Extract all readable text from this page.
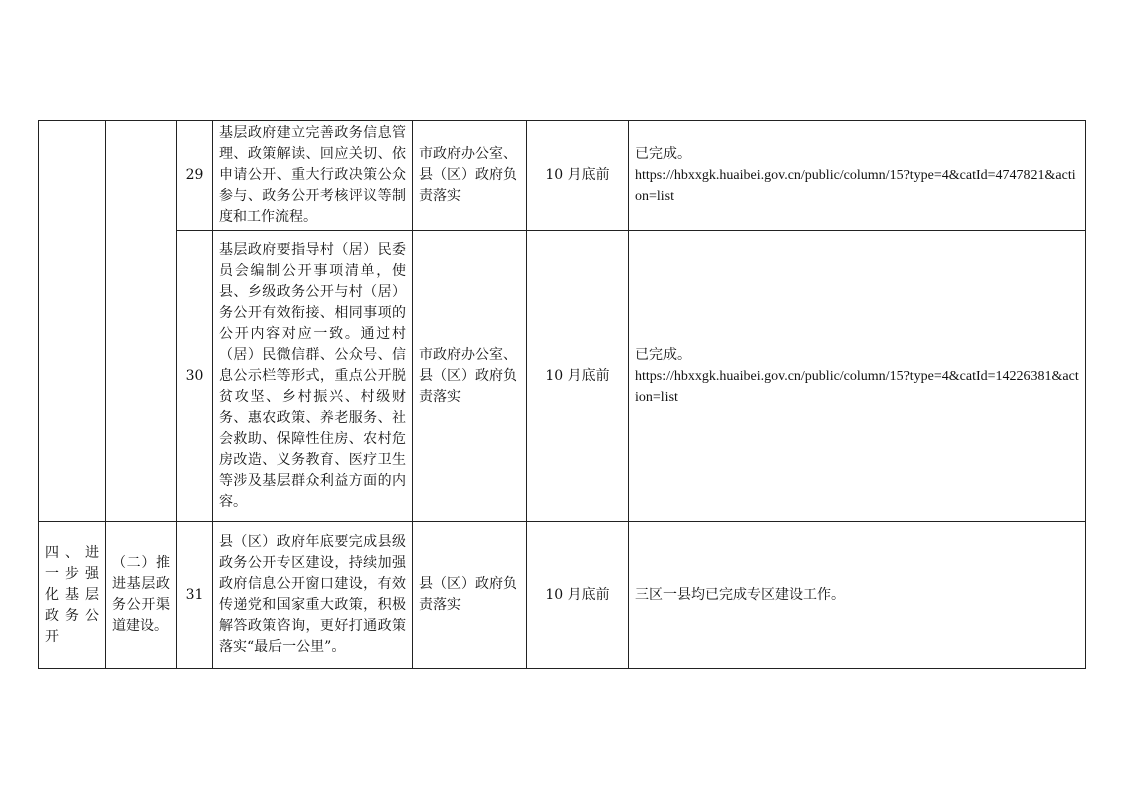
		29	基层政府建立完善政务信息管理、政策解读、回应关切、依申请公开、重大行政决策公众参与、政务公开考核评议等制度和工作流程。	市政府办公室、县（区）政府负责落实	10 月底前	已完成。
https://hbxxgk.huaibei.gov.cn/public/column/15?type=4&catId=4747821&action=list

		30	基层政府要指导村（居）民委员会编制公开事项清单，使县、乡级政务公开与村（居）务公开有效衔接、相同事项的公开内容对应一致。通过村（居）民微信群、公众号、信息公示栏等形式，重点公开脱贫攻坚、乡村振兴、村级财务、惠农政策、养老服务、社会救助、保障性住房、农村危房改造、义务教育、医疗卫生等涉及基层群众利益方面的内容。	市政府办公室、县（区）政府负责落实	10 月底前	已完成。
https://hbxxgk.huaibei.gov.cn/public/column/15?type=4&catId=14226381&action=list

四、进一步强化基层政务公开	（二）推进基层政务公开渠道建设。	31	县（区）政府年底要完成县级政务公开专区建设，持续加强政府信息公开窗口建设，有效传递党和国家重大政策，积极解答政策咨询，更好打通政策落实“最后一公里”。	县（区）政府负责落实	10 月底前	三区一县均已完成专区建设工作。
